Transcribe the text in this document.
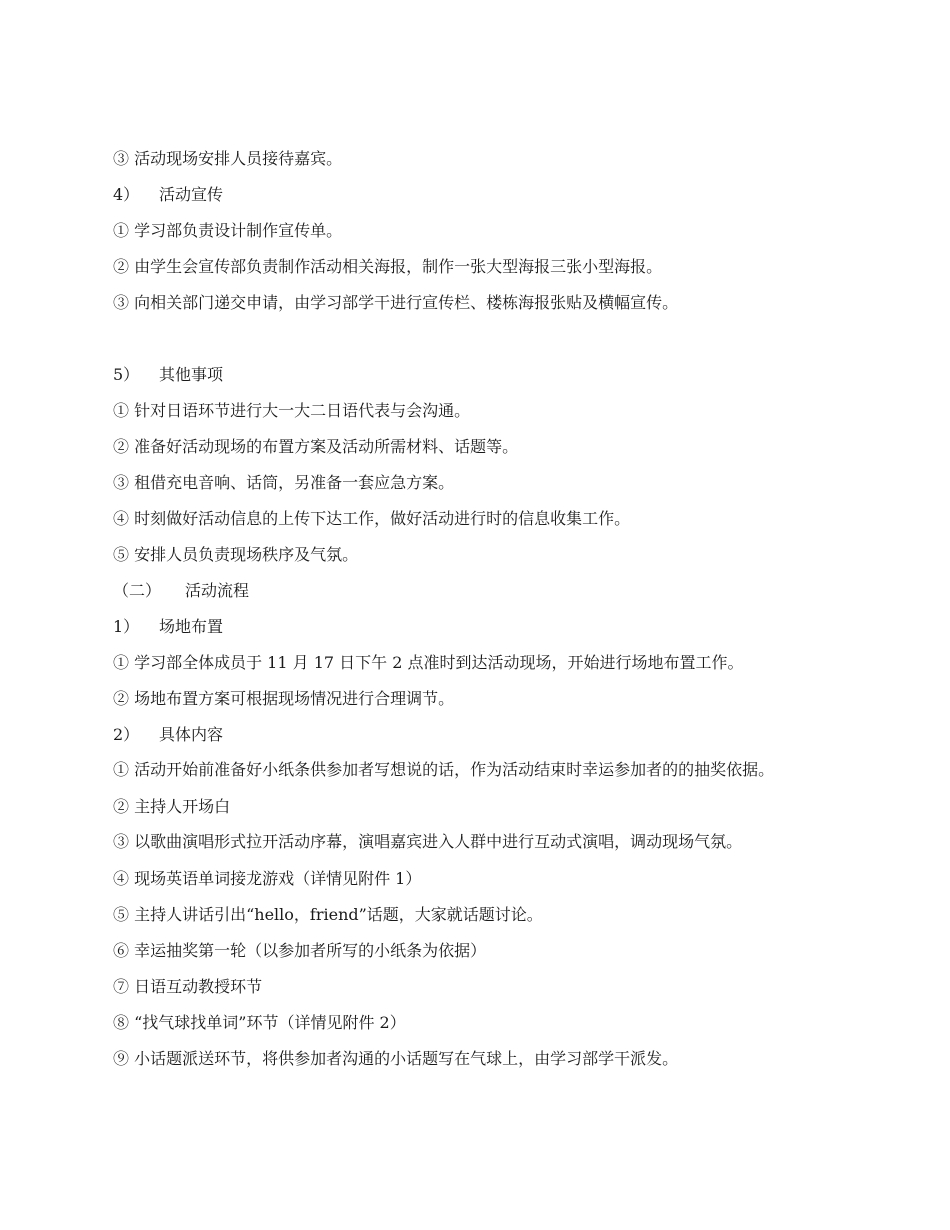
③ 活动现场安排人员接待嘉宾。

4） 活动宣传

① 学习部负责设计制作宣传单。

② 由学生会宣传部负责制作活动相关海报，制作一张大型海报三张小型海报。

③ 向相关部门递交申请，由学习部学干进行宣传栏、楼栋海报张贴及横幅宣传。

5） 其他事项

① 针对日语环节进行大一大二日语代表与会沟通。

② 准备好活动现场的布置方案及活动所需材料、话题等。

③ 租借充电音响、话筒，另准备一套应急方案。

④ 时刻做好活动信息的上传下达工作，做好活动进行时的信息收集工作。

⑤ 安排人员负责现场秩序及气氛。

（二） 活动流程

1） 场地布置

① 学习部全体成员于 11 月 17 日下午 2 点准时到达活动现场，开始进行场地布置工作。

② 场地布置方案可根据现场情况进行合理调节。

2） 具体内容

① 活动开始前准备好小纸条供参加者写想说的话，作为活动结束时幸运参加者的的抽奖依据。

② 主持人开场白

③ 以歌曲演唱形式拉开活动序幕，演唱嘉宾进入人群中进行互动式演唱，调动现场气氛。

④ 现场英语单词接龙游戏（详情见附件 1）

⑤ 主持人讲话引出“hello，friend”话题，大家就话题讨论。

⑥ 幸运抽奖第一轮（以参加者所写的小纸条为依据）

⑦ 日语互动教授环节

⑧ “找气球找单词”环节（详情见附件 2）

⑨ 小话题派送环节，将供参加者沟通的小话题写在气球上，由学习部学干派发。
